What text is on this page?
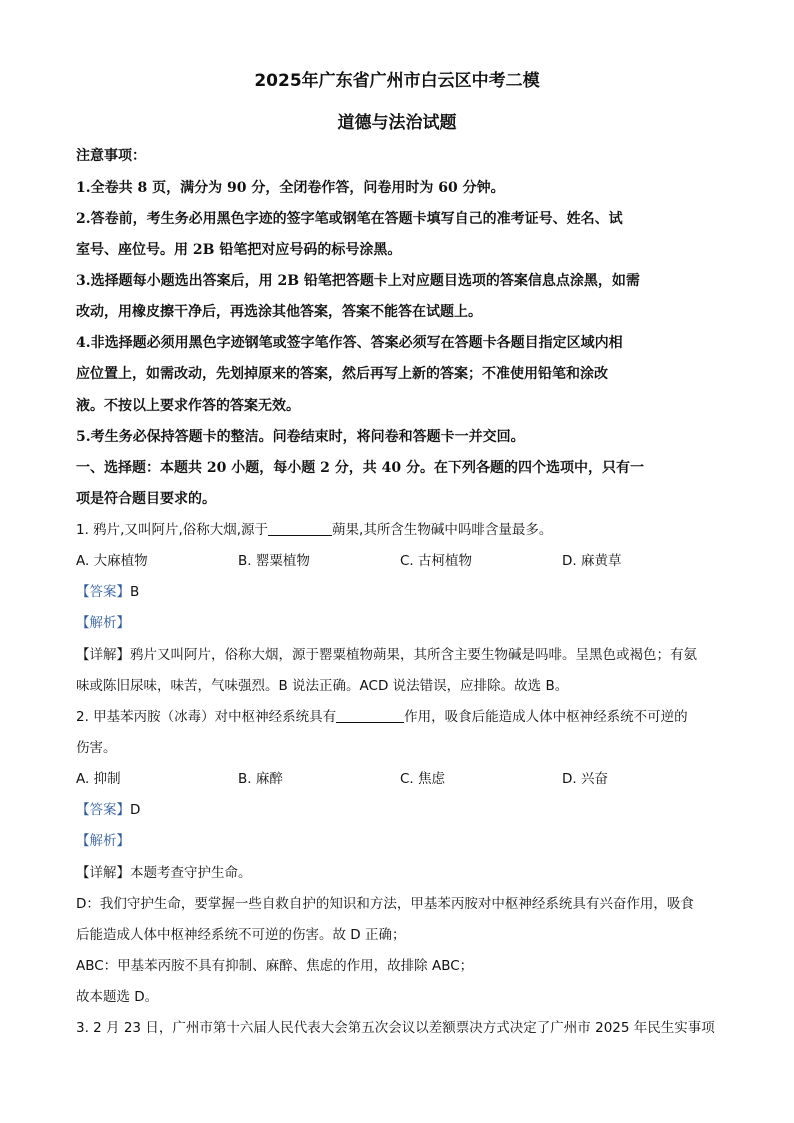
2025年广东省广州市白云区中考二模
道德与法治试题
注意事项：
1.全卷共 8 页，满分为 90 分，全闭卷作答，问卷用时为 60 分钟。
2.答卷前，考生务必用黑色字迹的签字笔或钢笔在答题卡填写自己的准考证号、姓名、试
室号、座位号。用 2B 铅笔把对应号码的标号涂黑。
3.选择题每小题选出答案后，用 2B 铅笔把答题卡上对应题目选项的答案信息点涂黑，如需
改动，用橡皮擦干净后，再选涂其他答案，答案不能答在试题上。
4.非选择题必须用黑色字迹钢笔或签字笔作答、答案必须写在答题卡各题目指定区域内相
应位置上，如需改动，先划掉原来的答案，然后再写上新的答案；不准使用铅笔和涂改
液。不按以上要求作答的答案无效。
5.考生务必保持答题卡的整洁。问卷结束时，将问卷和答题卡一并交回。
一、选择题：本题共 20 小题，每小题 2 分，共 40 分。在下列各题的四个选项中，只有一
项是符合题目要求的。
1. 鸦片,又叫阿片,俗称大烟,源于	蒴果,其所含生物碱中吗啡含量最多。
A. 大麻植物	B. 罂粟植物	C. 古柯植物	D. 麻黄草
【答案】B
【解析】
【详解】鸦片又叫阿片，俗称大烟，源于罂粟植物蒴果，其所含主要生物碱是吗啡。呈黑色或褐色；有氨
味或陈旧尿味，味苦，气味强烈。B 说法正确。ACD 说法错误，应排除。故选 B。
2. 甲基苯丙胺（冰毒）对中枢神经系统具有	作用，吸食后能造成人体中枢神经系统不可逆的
伤害。
A. 抑制	B. 麻醉	C. 焦虑	D. 兴奋
【答案】D
【解析】
【详解】本题考查守护生命。
D：我们守护生命，要掌握一些自救自护的知识和方法，甲基苯丙胺对中枢神经系统具有兴奋作用，吸食
后能造成人体中枢神经系统不可逆的伤害。故 D 正确；
ABC：甲基苯丙胺不具有抑制、麻醉、焦虑的作用，故排除 ABC；
故本题选 D。
3. 2 月 23 日，广州市第十六届人民代表大会第五次会议以差额票决方式决定了广州市 2025 年民生实事项
